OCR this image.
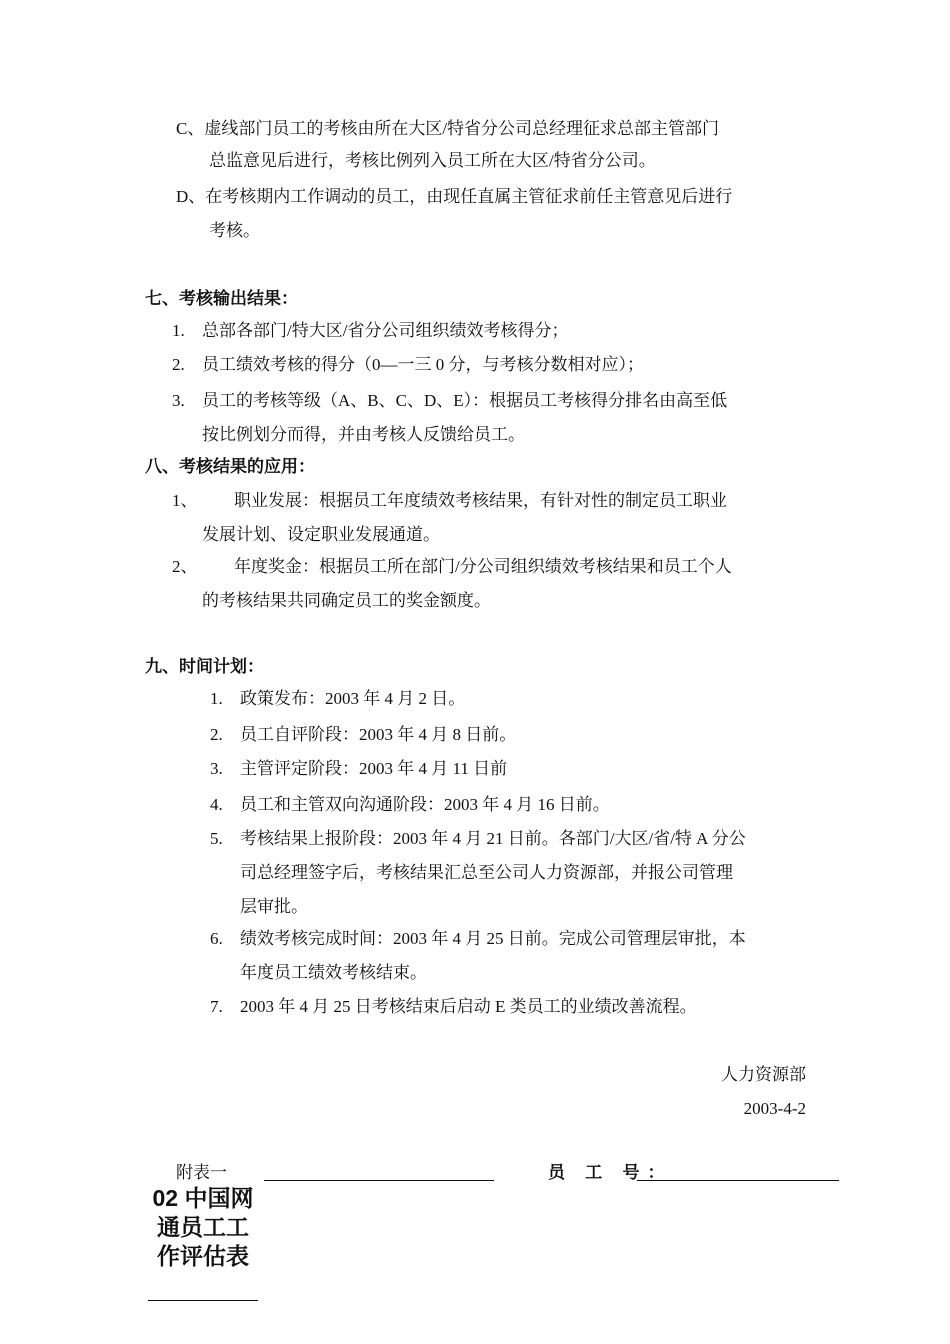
C、虚线部门员工的考核由所在大区/特省分公司总经理征求总部主管部门
总监意见后进行，考核比例列入员工所在大区/特省分公司。
D、在考核期内工作调动的员工，由现任直属主管征求前任主管意见后进行
考核。
七、考核输出结果：
1. 总部各部门/特大区/省分公司组织绩效考核得分；
2. 员工绩效考核的得分（0—一三 0 分，与考核分数相对应）；
3. 员工的考核等级（A、B、C、D、E）：根据员工考核得分排名由高至低
按比例划分而得，并由考核人反馈给员工。
八、考核结果的应用：
1、 职业发展：根据员工年度绩效考核结果，有针对性的制定员工职业
发展计划、设定职业发展通道。
2、 年度奖金：根据员工所在部门/分公司组织绩效考核结果和员工个人
的考核结果共同确定员工的奖金额度。
九、时间计划：
1. 政策发布：2003 年 4 月 2 日。
2. 员工自评阶段：2003 年 4 月 8 日前。
3. 主管评定阶段：2003 年 4 月 11 日前
4. 员工和主管双向沟通阶段：2003 年 4 月 16 日前。
5. 考核结果上报阶段：2003 年 4 月 21 日前。各部门/大区/省/特 A 分公
司总经理签字后，考核结果汇总至公司人力资源部，并报公司管理
层审批。
6. 绩效考核完成时间：2003 年 4 月 25 日前。完成公司管理层审批，本
年度员工绩效考核结束。
7. 2003 年 4 月 25 日考核结束后启动 E 类员工的业绩改善流程。
人力资源部
2003-4-2
附表一	员 工 号：
02 中国网通员工工作评估表
